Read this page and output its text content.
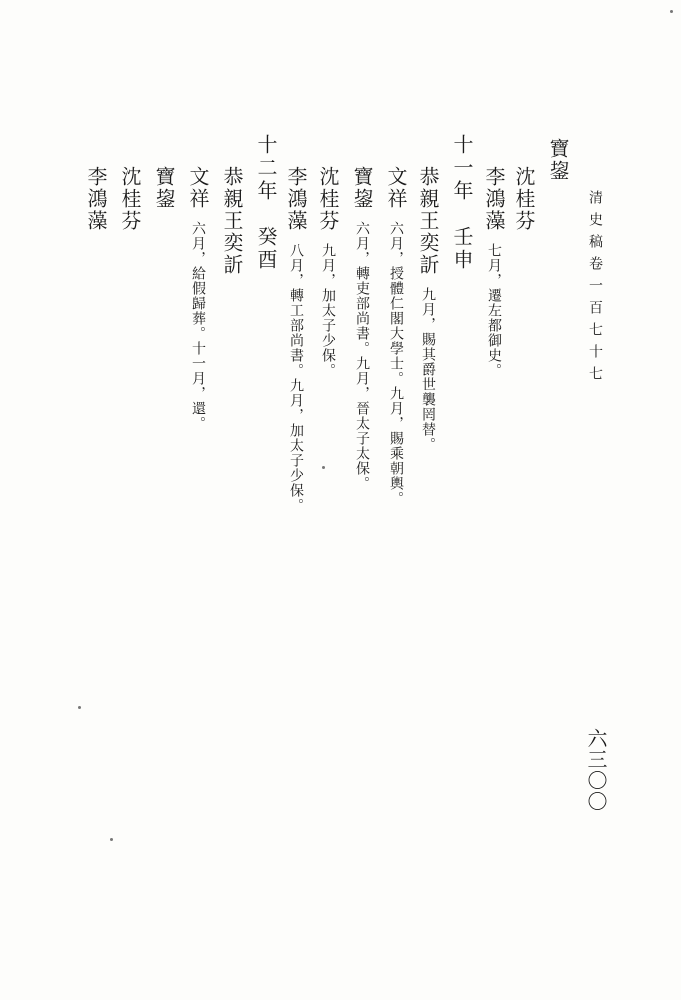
清史稿卷一百七十七
六三〇〇
寶鋆
沈桂芬
李鴻藻 七月，遷左都御史。
十一年 壬申
恭親王奕訢 九月，賜其爵世襲罔替。
文祥 六月，授體仁閣大學士。九月，賜乘朝輿。
寶鋆 六月，轉吏部尚書。九月，晉太子太保。
沈桂芬 九月，加太子少保。
李鴻藻 八月，轉工部尚書。九月，加太子少保。
十二年 癸酉
恭親王奕訢
文祥 六月，給假歸葬。十一月，還。
寶鋆
沈桂芬
李鴻藻
